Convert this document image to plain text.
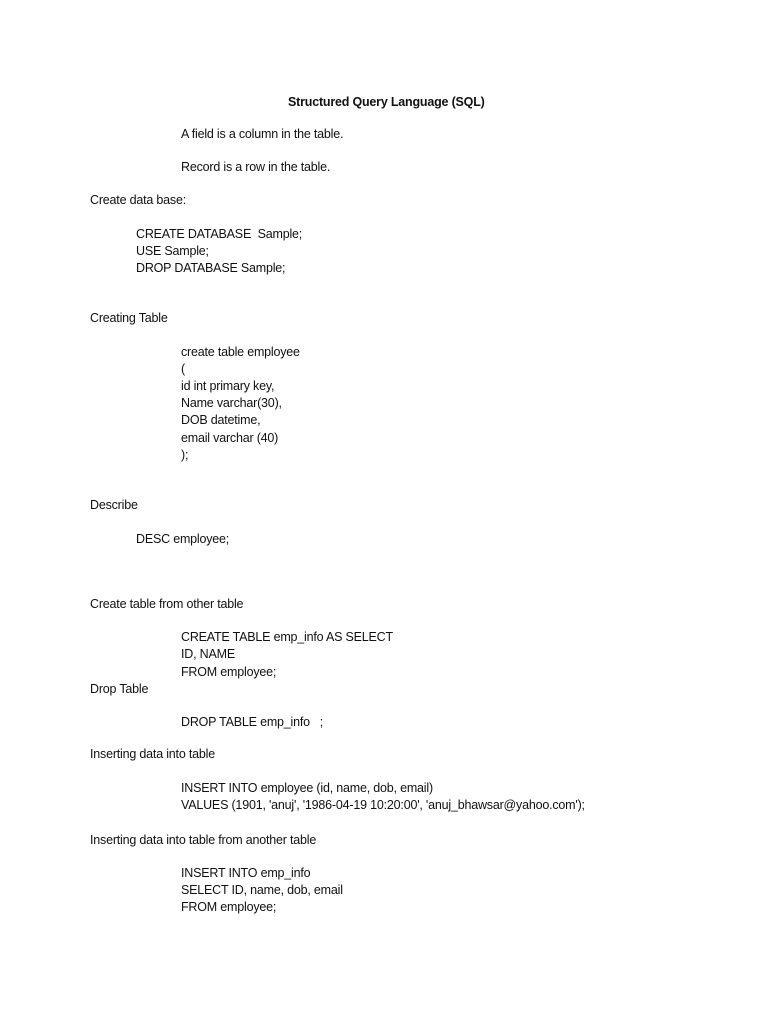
Structured Query Language (SQL)
A field is a column in the table.
Record is a row in the table.
Create data base:
CREATE DATABASE  Sample;
USE Sample;
DROP DATABASE Sample;
Creating Table
create table employee
(
id int primary key,
Name varchar(30),
DOB datetime,
email varchar (40)
);
Describe
DESC employee;
Create table from other table
CREATE TABLE emp_info AS SELECT
ID, NAME
FROM employee;
Drop Table
DROP TABLE emp_info   ;
Inserting data into table
INSERT INTO employee (id, name, dob, email)
VALUES (1901, 'anuj', '1986-04-19 10:20:00', 'anuj_bhawsar@yahoo.com');
Inserting data into table from another table
INSERT INTO emp_info
SELECT ID, name, dob, email
FROM employee;
